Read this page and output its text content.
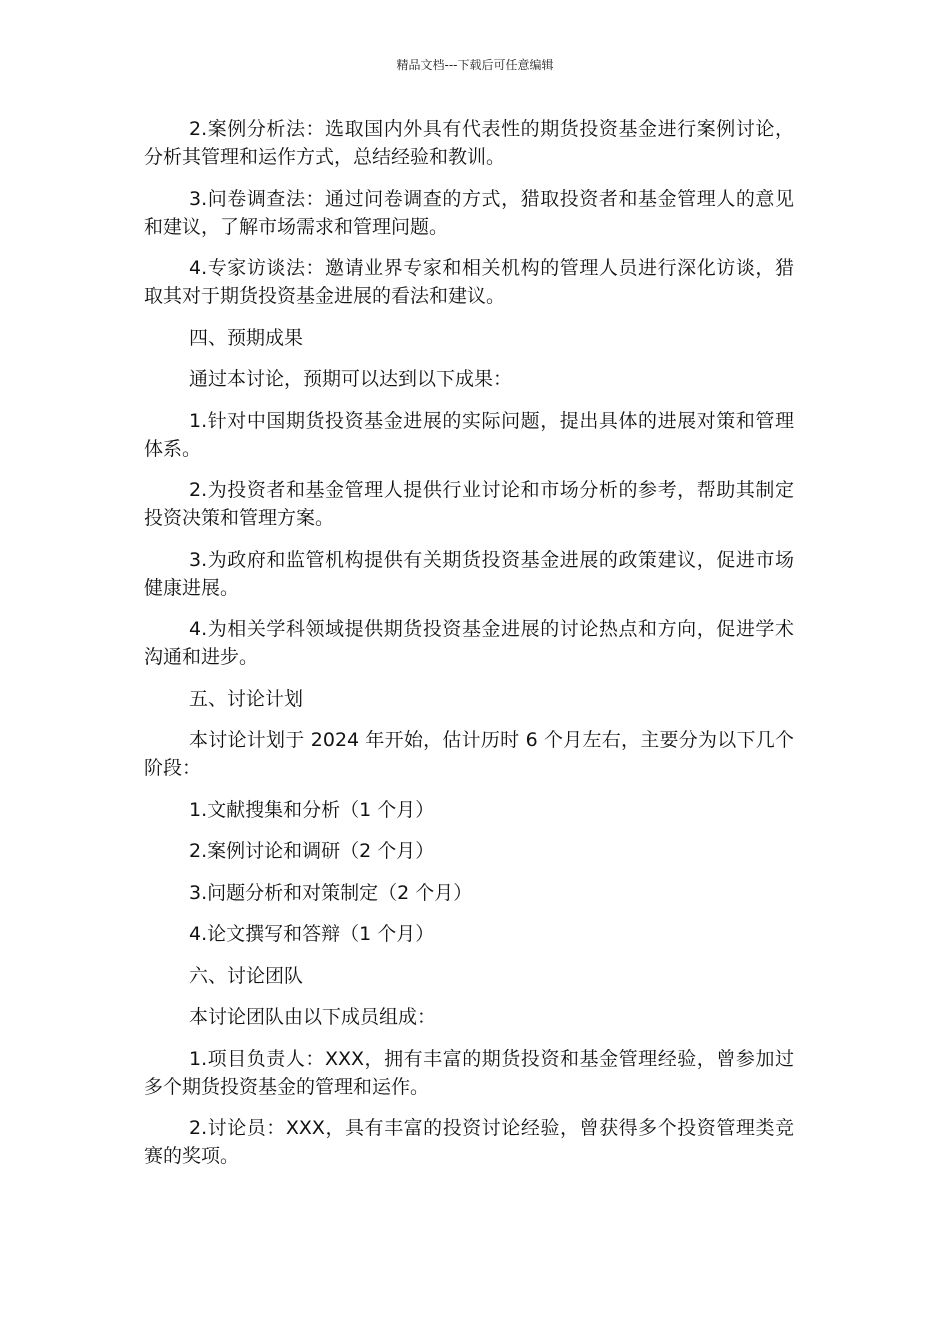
精品文档---下载后可任意编辑

2.案例分析法：选取国内外具有代表性的期货投资基金进行案例讨论，分析其管理和运作方式，总结经验和教训。

3.问卷调查法：通过问卷调查的方式，猎取投资者和基金管理人的意见和建议，了解市场需求和管理问题。

4.专家访谈法：邀请业界专家和相关机构的管理人员进行深化访谈，猎取其对于期货投资基金进展的看法和建议。

四、预期成果

通过本讨论，预期可以达到以下成果：

1.针对中国期货投资基金进展的实际问题，提出具体的进展对策和管理体系。

2.为投资者和基金管理人提供行业讨论和市场分析的参考，帮助其制定投资决策和管理方案。

3.为政府和监管机构提供有关期货投资基金进展的政策建议，促进市场健康进展。

4.为相关学科领域提供期货投资基金进展的讨论热点和方向，促进学术沟通和进步。

五、讨论计划

本讨论计划于 2024 年开始，估计历时 6 个月左右，主要分为以下几个阶段：

1.文献搜集和分析（1 个月）

2.案例讨论和调研（2 个月）

3.问题分析和对策制定（2 个月）

4.论文撰写和答辩（1 个月）

六、讨论团队

本讨论团队由以下成员组成：

1.项目负责人：XXX，拥有丰富的期货投资和基金管理经验，曾参加过多个期货投资基金的管理和运作。

2.讨论员：XXX，具有丰富的投资讨论经验，曾获得多个投资管理类竞赛的奖项。
